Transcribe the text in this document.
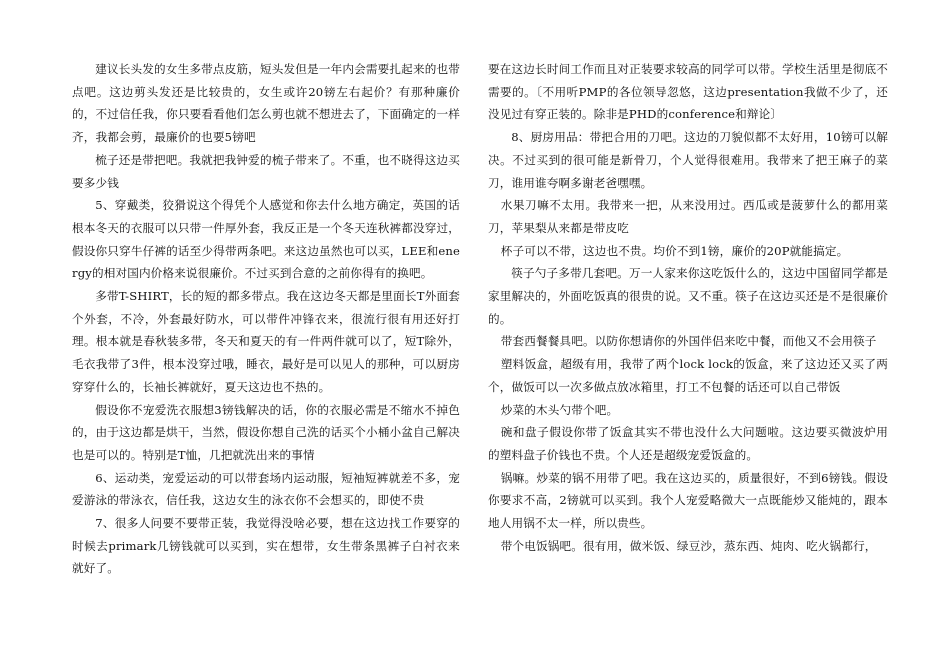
建议长头发的女生多带点皮筋，短头发但是一年内会需要扎起来的也带点吧。这边剪头发还是比较贵的，女生或许20镑左右起价？有那种廉价的，不过信任我，你只要看看他们怎么剪也就不想进去了，下面确定的一样齐，我都会剪，最廉价的也要5镑吧

梳子还是带把吧。我就把我钟爱的梳子带来了。不重，也不晓得这边买要多少钱

5、穿戴类，狡猾说这个得凭个人感觉和你去什么地方确定，英国的话根本冬天的衣服可以只带一件厚外套，我反正是一个冬天连秋裤都没穿过，假设你只穿牛仔裤的话至少得带两条吧。来这边虽然也可以买，LEE和energy的相对国内价格来说很廉价。不过买到合意的之前你得有的换吧。

多带T-SHIRT，长的短的都多带点。我在这边冬天都是里面长T外面套个外套，不冷，外套最好防水，可以带件冲锋衣来，很流行很有用还好打理。根本就是春秋装多带，冬天和夏天的有一件两件就可以了，短T除外，毛衣我带了3件，根本没穿过哦，睡衣，最好是可以见人的那种，可以厨房穿穿什么的，长袖长裤就好，夏天这边也不热的。

假设你不宠爱洗衣服想3镑钱解决的话，你的衣服必需是不缩水不掉色的，由于这边都是烘干，当然，假设你想自己洗的话买个小桶小盆自己解决也是可以的。特别是T恤，几把就洗出来的事情

6、运动类，宠爱运动的可以带套场内运动服，短袖短裤就差不多，宠爱游泳的带泳衣，信任我，这边女生的泳衣你不会想买的，即使不贵

7、很多人问要不要带正装，我觉得没啥必要，想在这边找工作要穿的时候去primark几镑钱就可以买到，实在想带，女生带条黑裤子白衬衣来就好了。

要在这边长时间工作而且对正装要求较高的同学可以带。学校生活里是彻底不需要的。〔不用听PMP的各位领导忽悠，这边presentation我做不少了，还没见过有穿正装的。除非是PHD的conference和辩论〕

8、厨房用品：带把合用的刀吧。这边的刀貌似都不太好用，10镑可以解决。不过买到的很可能是新骨刀，个人觉得很难用。我带来了把王麻子的菜刀，谁用谁夸啊多谢老爸嘿嘿。

水果刀嘛不太用。我带来一把，从来没用过。西瓜或是菠萝什么的都用菜刀，苹果梨从来都是带皮吃

杯子可以不带，这边也不贵。均价不到1镑，廉价的20P就能搞定。

筷子勺子多带几套吧。万一人家来你这吃饭什么的，这边中国留同学都是家里解决的，外面吃饭真的很贵的说。又不重。筷子在这边买还是不是很廉价的。

带套西餐餐具吧。以防你想请你的外国伴侣来吃中餐，而他又不会用筷子

塑料饭盒，超级有用，我带了两个lock lock的饭盒，来了这边还又买了两个，做饭可以一次多做点放冰箱里，打工不包餐的话还可以自己带饭

炒菜的木头勺带个吧。

碗和盘子假设你带了饭盒其实不带也没什么大问题啦。这边要买微波炉用的塑料盘子价钱也不贵。个人还是超级宠爱饭盒的。

锅嘛。炒菜的锅不用带了吧。我在这边买的，质量很好，不到6镑钱。假设你要求不高，2镑就可以买到。我个人宠爱略微大一点既能炒又能炖的，跟本地人用锅不太一样，所以贵些。

带个电饭锅吧。很有用，做米饭、绿豆沙，蒸东西、炖肉、吃火锅都行，
